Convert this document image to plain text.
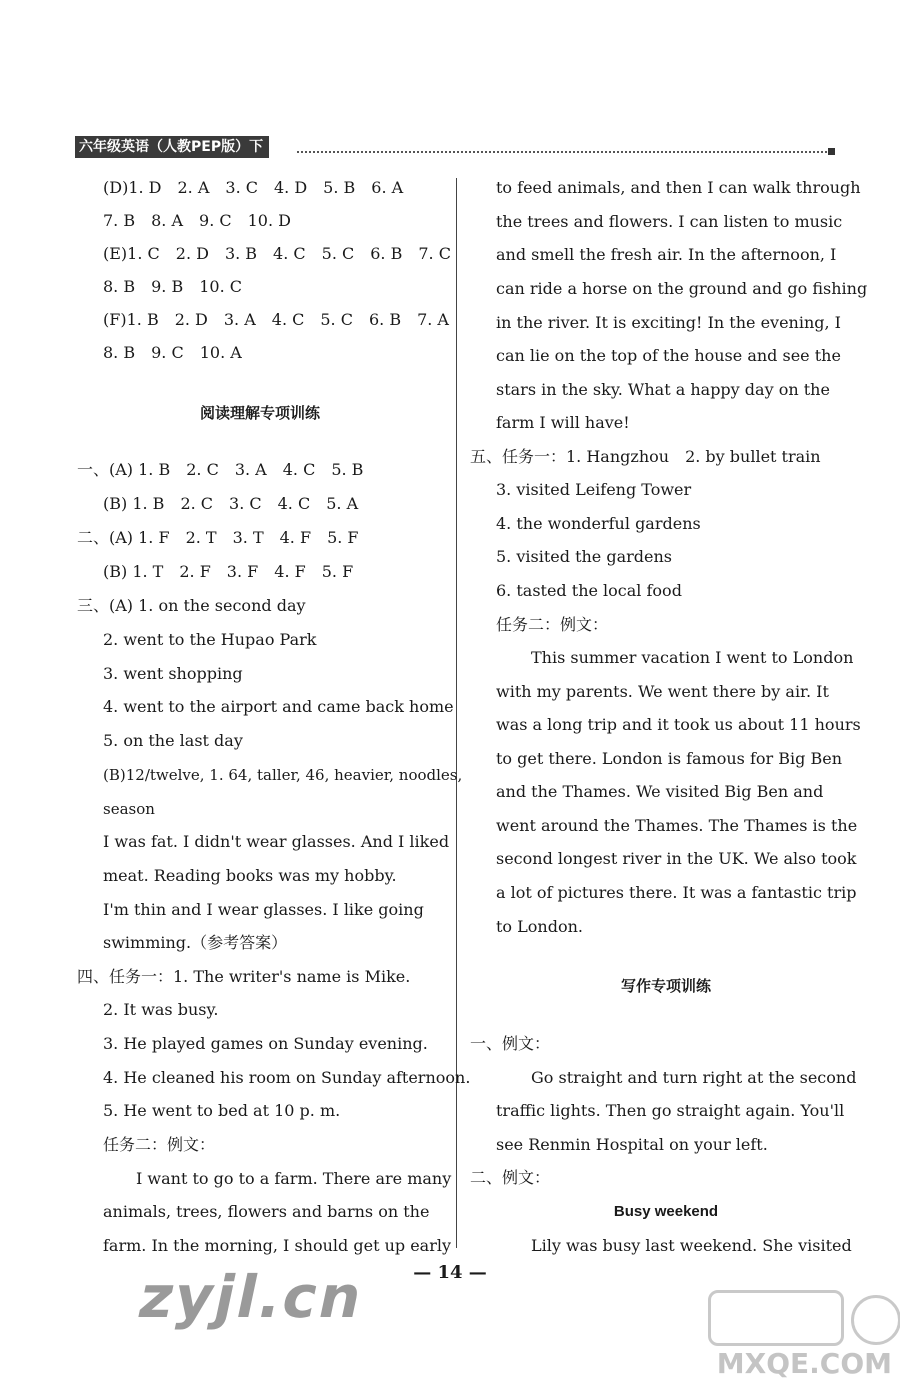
六年级英语（人教PEP版）下
(D)1. D　2. A　3. C　4. D　5. B　6. A
7. B　8. A　9. C　10. D
(E)1. C　2. D　3. B　4. C　5. C　6. B　7. C
8. B　9. B　10. C
(F)1. B　2. D　3. A　4. C　5. C　6. B　7. A
8. B　9. C　10. A
阅读理解专项训练
一、(A) 1. B　2. C　3. A　4. C　5. B
(B) 1. B　2. C　3. C　4. C　5. A
二、(A) 1. F　2. T　3. T　4. F　5. F
(B) 1. T　2. F　3. F　4. F　5. F
三、(A) 1. on the second day
2. went to the Hupao Park
3. went shopping
4. went to the airport and came back home
5. on the last day
(B)12/twelve, 1. 64, taller, 46, heavier, noodles,
season
I was fat. I didn't wear glasses. And I liked
meat. Reading books was my hobby.
I'm thin and I wear glasses. I like going
swimming.（参考答案）
四、任务一：1. The writer's name is Mike.
2. It was busy.
3. He played games on Sunday evening.
4. He cleaned his room on Sunday afternoon.
5. He went to bed at 10 p. m.
任务二：例文：
I want to go to a farm. There are many
animals, trees, flowers and barns on the
farm. In the morning, I should get up early
to feed animals, and then I can walk through
the trees and flowers. I can listen to music
and smell the fresh air. In the afternoon, I
can ride a horse on the ground and go fishing
in the river. It is exciting! In the evening, I
can lie on the top of the house and see the
stars in the sky. What a happy day on the
farm I will have!
五、任务一：1. Hangzhou　2. by bullet train
3. visited Leifeng Tower
4. the wonderful gardens
5. visited the gardens
6. tasted the local food
任务二：例文：
This summer vacation I went to London
with my parents. We went there by air. It
was a long trip and it took us about 11 hours
to get there. London is famous for Big Ben
and the Thames. We visited Big Ben and
went around the Thames. The Thames is the
second longest river in the UK. We also took
a lot of pictures there. It was a fantastic trip
to London.
写作专项训练
一、例文：
Go straight and turn right at the second
traffic lights. Then go straight again. You'll
see Renmin Hospital on your left.
二、例文：
Busy weekend
Lily was busy last weekend. She visited
— 14 —
zyjl.cn
MXQE.COM
